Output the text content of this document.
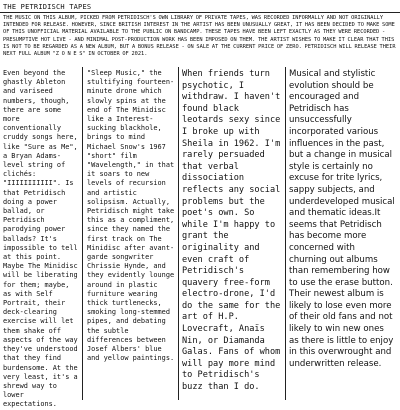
THE PETRIDISCH TAPES
THE MUSIC ON THIS ALBUM, PICKED FROM PETRIDISCH'S OWN LIBRARY OF PRIVATE TAPES, WAS RECORDED INFORMALLY AND NOT ORIGINALLY INTENDED FOR RELEASE. HOWEVER, SINCE BRITISH INTEREST IN THE ARTIST HAS BEEN UNUSUALLY GREAT, IT HAS BEEN DECIDED TO MAKE SOME OF THIS UNOFFICIAL MATERIAL AVAILABLE TO THE PUBLIC ON BANDCAMP. THESE TAPES HAVE BEEN LEFT EXACTLY AS THEY WERE RECORDED - PRESUMPTIVE HOT LIVE - AND MINIMAL POST-PRODUCTION WORK HAS BEEN IMPOSED ON THEM. THE ARTIST WISHES TO MAKE IT CLEAR THAT THIS IS NOT TO BE REGARDED AS A NEW ALBUM, BUT A BONUS RELEASE - ON SALE AT THE CURRENT PRICE OF ZERO. PETRIDISCH WILL RELEASE THEIR NEXT FULL ALBUM "Z O N E S" IN OCTOBER OF 2021.

Even beyond the ghastly Ableton and variseed numbers, though, there are some more conventionally cruddy songs here, like "Sure as Me", a Bryan Adams-level string of clichés: "IIIIIIIIIII". Is that Petridisch doing a power ballad, or Petridisch parodying power ballads? It's impossible to tell at this point. Maybe The Minidisc will be liberating for them; maybe, as with Self Portrait, their deck-clearing exercise will let them shake off aspects of the way they've understood that they find burdensome. At the very least, it's a shrewd way to lower expectations.

"Sleep Music," the stultifying fourteen-minute drone which slowly spins at the end of The Minidisc like a Interest-sucking blackhole, brings to mind Michael Snow's 1967 "short" film "Wavelength," in that it soars to new levels of recursion and artistic solipsism. Actually, Petridisch might take this as a compliment, since they named the first track on The Minidisc after avant-garde songwriter Chrissie Hynde, and they evidently lounge around in plastic furniture wearing thick turtlenecks, smoking long-stemmed pipes, and debating the subtle differences between Josef Albers' blue and yellow paintings.

When friends turn psychotic, I withdraw. I haven't found black leotards sexy since I broke up with Sheila in 1962. I'm rarely persuaded that verbal dissociation reflects any social problems but the poet's own. So while I'm happy to grant the originality and even craft of Petridisch's quavery free-form electro-drone, I'd do the same for the art of H.P. Lovecraft, Anaïs Nin, or Diamanda Galas. Fans of whom will pay more mind to Petridisch's buzz than I do.

Musical and stylistic evolution should be encouraged and Petridisch has unsuccessfully incorporated various influences in the past, but a change in musical style is certainly no excuse for trite lyrics, sappy subjects, and underdeveloped musical and thematic ideas.It seems that Petridisch has become more concerned with churning out albums than remembering how to use the erase button. Their newest album is likely to lose even more of their old fans and not likely to win new ones as there is little to enjoy in this overwrought and underwritten release.
